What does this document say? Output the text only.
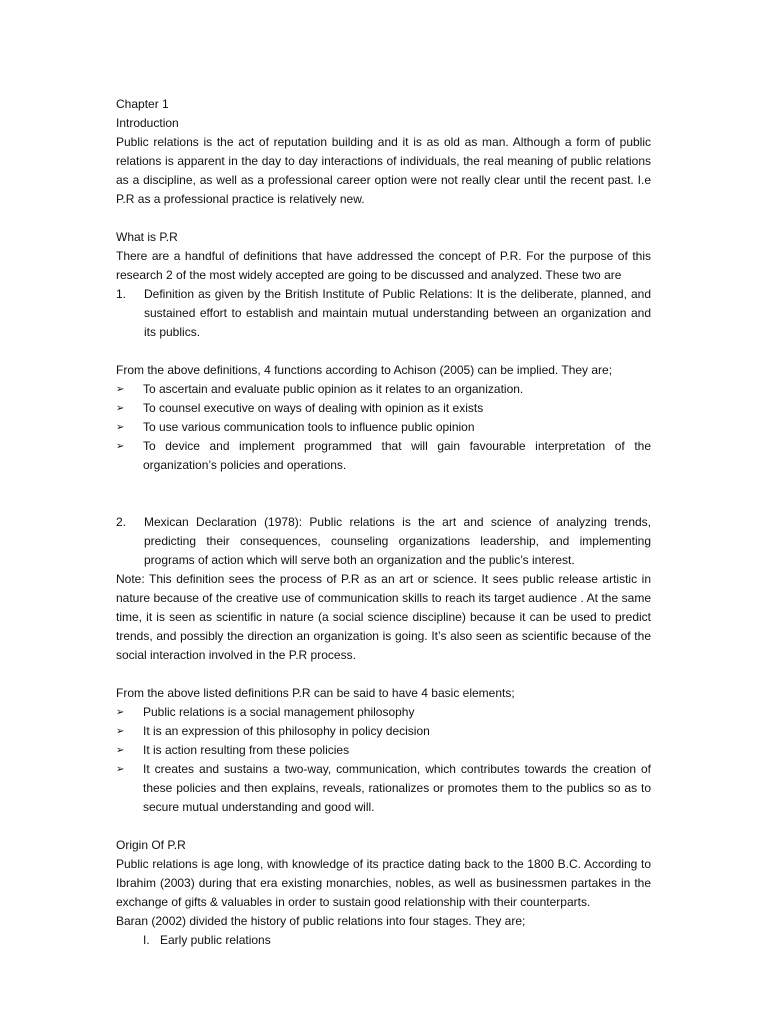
Chapter 1

Introduction

Public relations is the act of reputation building and it is as old as man. Although a form of public relations is apparent in the day to day interactions of individuals, the real meaning of public relations as a discipline, as well as a professional career option were not really clear until the recent past. I.e P.R as a professional practice is relatively new.

What is P.R

There are a handful of definitions that have addressed the concept of P.R. For the purpose of this research 2 of the most widely accepted are going to be discussed and analyzed. These two are

1. Definition as given by the British Institute of Public Relations: It is the deliberate, planned, and sustained effort to establish and maintain mutual understanding between an organization and its publics.

From the above definitions, 4 functions according to Achison (2005) can be implied. They are;

➢ To ascertain and evaluate public opinion as it relates to an organization.
➢ To counsel executive on ways of dealing with opinion as it exists
➢ To use various communication tools to influence public opinion
➢ To device and implement programmed that will gain favourable interpretation of the organization’s policies and operations.
2. Mexican Declaration (1978): Public relations is the art and science of analyzing trends, predicting their consequences, counseling organizations leadership, and implementing programs of action which will serve both an organization and the public’s interest.

Note: This definition sees the process of P.R as an art or science. It sees public release artistic in nature because of the creative use of communication skills to reach its target audience . At the same time, it is seen as scientific in nature (a social science discipline) because it can be used to predict trends, and possibly the direction an organization is going. It’s also seen as scientific because of the social interaction involved in the P.R process.

From the above listed definitions P.R can be said to have 4 basic elements;

➢ Public relations is a social management philosophy
➢ It is an expression of this philosophy in policy decision
➢ It is action resulting from these policies
➢ It creates and sustains a two-way, communication, which contributes towards the creation of these policies and then explains, reveals, rationalizes or promotes them to the publics so as to secure mutual understanding and good will.

Origin Of P.R

Public relations is age long, with knowledge of its practice dating back to the 1800 B.C. According to Ibrahim (2003) during that era existing monarchies, nobles, as well as businessmen partakes in the exchange of gifts & valuables in order to sustain good relationship with their counterparts.

Baran (2002) divided the history of public relations into four stages. They are;

I. Early public relations
